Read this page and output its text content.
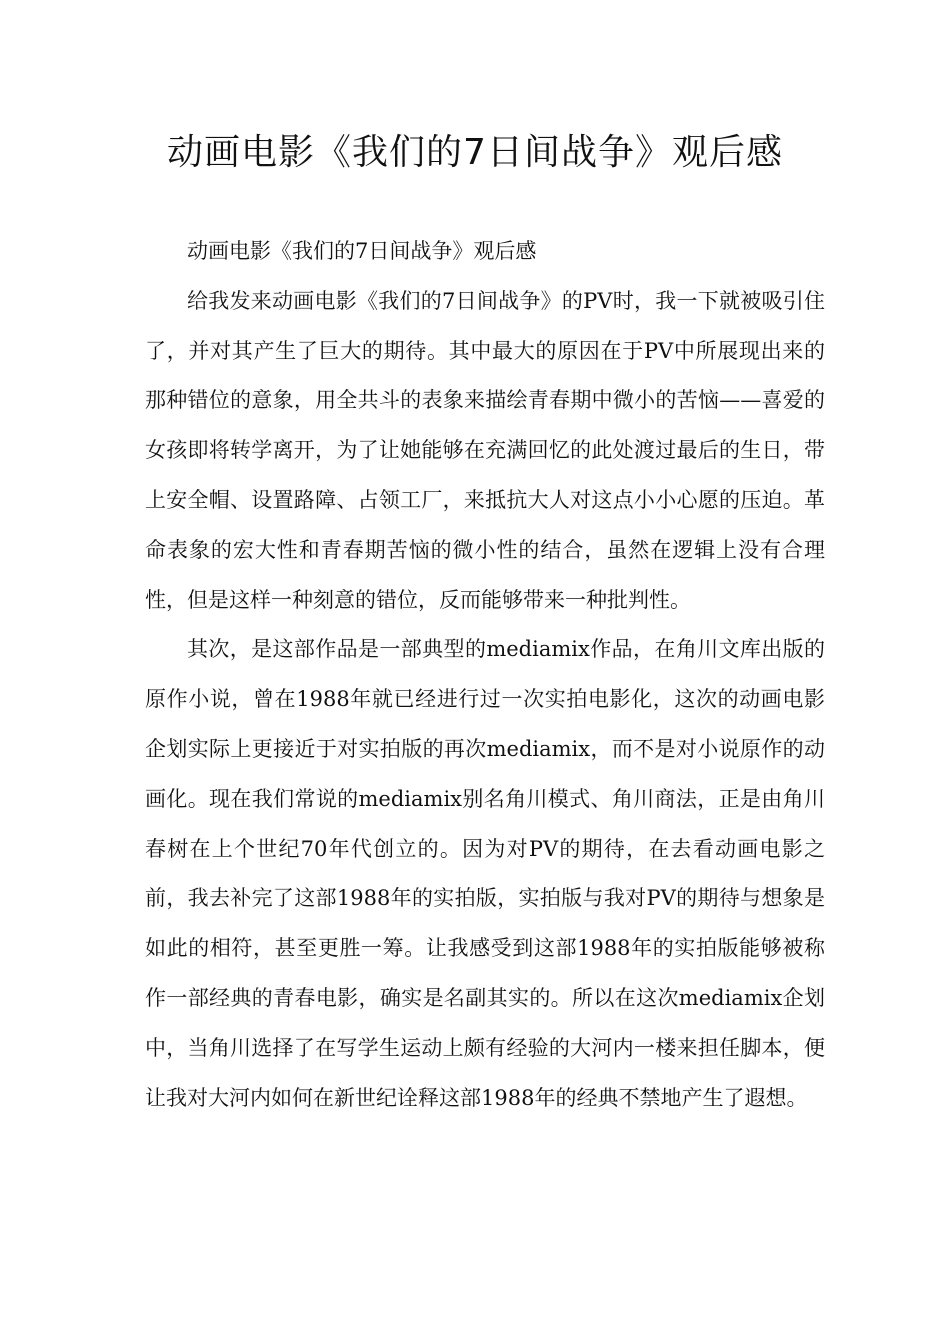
动画电影《我们的7日间战争》观后感

动画电影《我们的7日间战争》观后感

给我发来动画电影《我们的7日间战争》的PV时，我一下就被吸引住了，并对其产生了巨大的期待。其中最大的原因在于PV中所展现出来的那种错位的意象，用全共斗的表象来描绘青春期中微小的苦恼——喜爱的女孩即将转学离开，为了让她能够在充满回忆的此处渡过最后的生日，带上安全帽、设置路障、占领工厂，来抵抗大人对这点小小心愿的压迫。革命表象的宏大性和青春期苦恼的微小性的结合，虽然在逻辑上没有合理性，但是这样一种刻意的错位，反而能够带来一种批判性。

其次，是这部作品是一部典型的mediamix作品，在角川文库出版的原作小说，曾在1988年就已经进行过一次实拍电影化，这次的动画电影企划实际上更接近于对实拍版的再次mediamix，而不是对小说原作的动画化。现在我们常说的mediamix别名角川模式、角川商法，正是由角川春树在上个世纪70年代创立的。因为对PV的期待，在去看动画电影之前，我去补完了这部1988年的实拍版，实拍版与我对PV的期待与想象是如此的相符，甚至更胜一筹。让我感受到这部1988年的实拍版能够被称作一部经典的青春电影，确实是名副其实的。所以在这次mediamix企划中，当角川选择了在写学生运动上颇有经验的大河内一楼来担任脚本，便让我对大河内如何在新世纪诠释这部1988年的经典不禁地产生了遐想。
